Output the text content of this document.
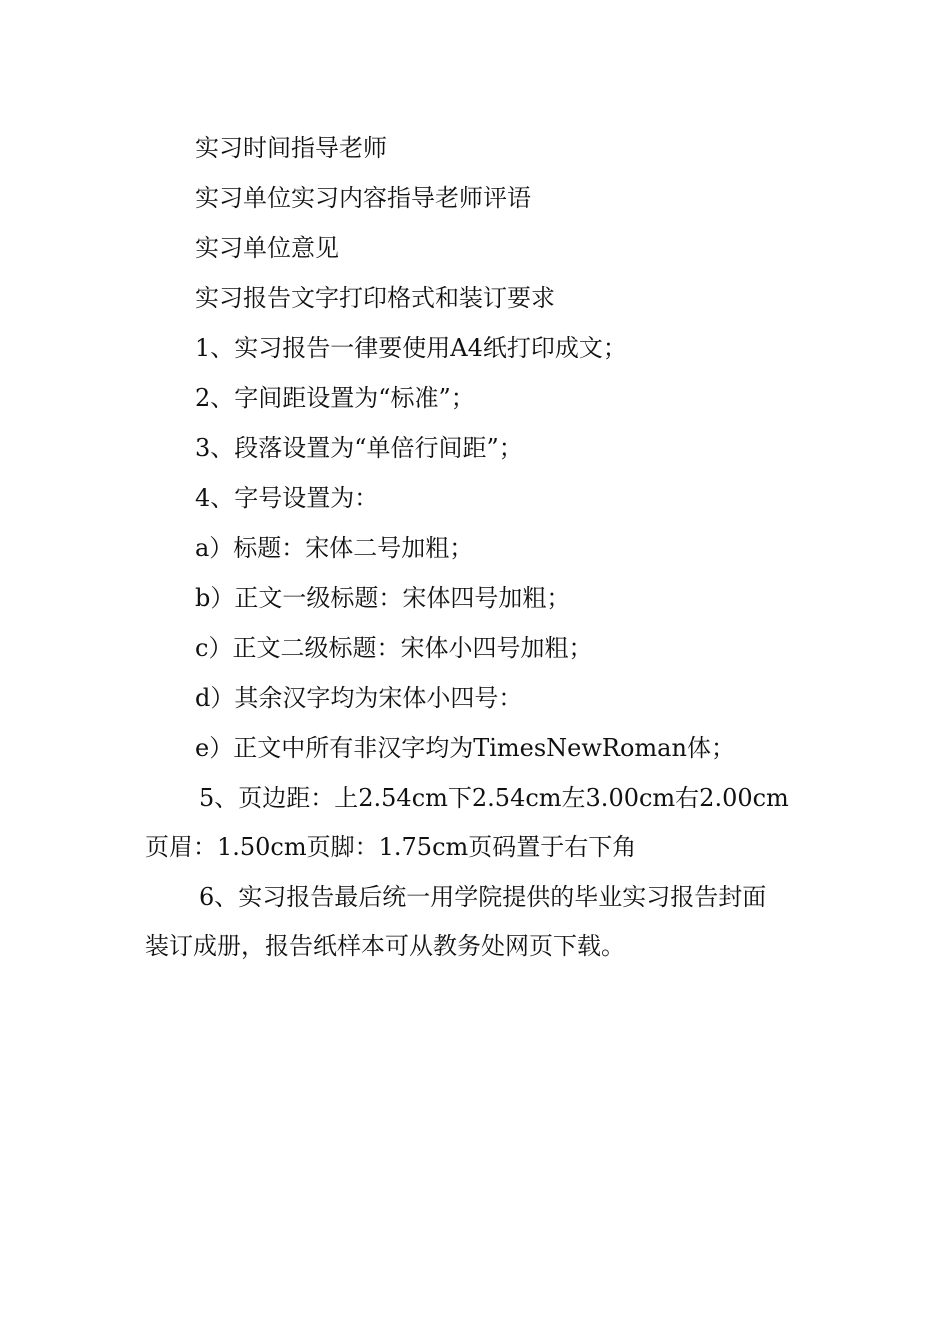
实习时间指导老师
实习单位实习内容指导老师评语
实习单位意见
实习报告文字打印格式和装订要求
1、实习报告一律要使用A4纸打印成文；
2、字间距设置为“标准”；
3、段落设置为“单倍行间距”；
4、字号设置为：
a）标题：宋体二号加粗；
b）正文一级标题：宋体四号加粗；
c）正文二级标题：宋体小四号加粗；
d）其余汉字均为宋体小四号：
e）正文中所有非汉字均为TimesNewRoman体；
5、页边距：上2.54cm下2.54cm左3.00cm右2.00cm
页眉：1.50cm页脚：1.75cm页码置于右下角
6、实习报告最后统一用学院提供的毕业实习报告封面
装订成册，报告纸样本可从教务处网页下载。
